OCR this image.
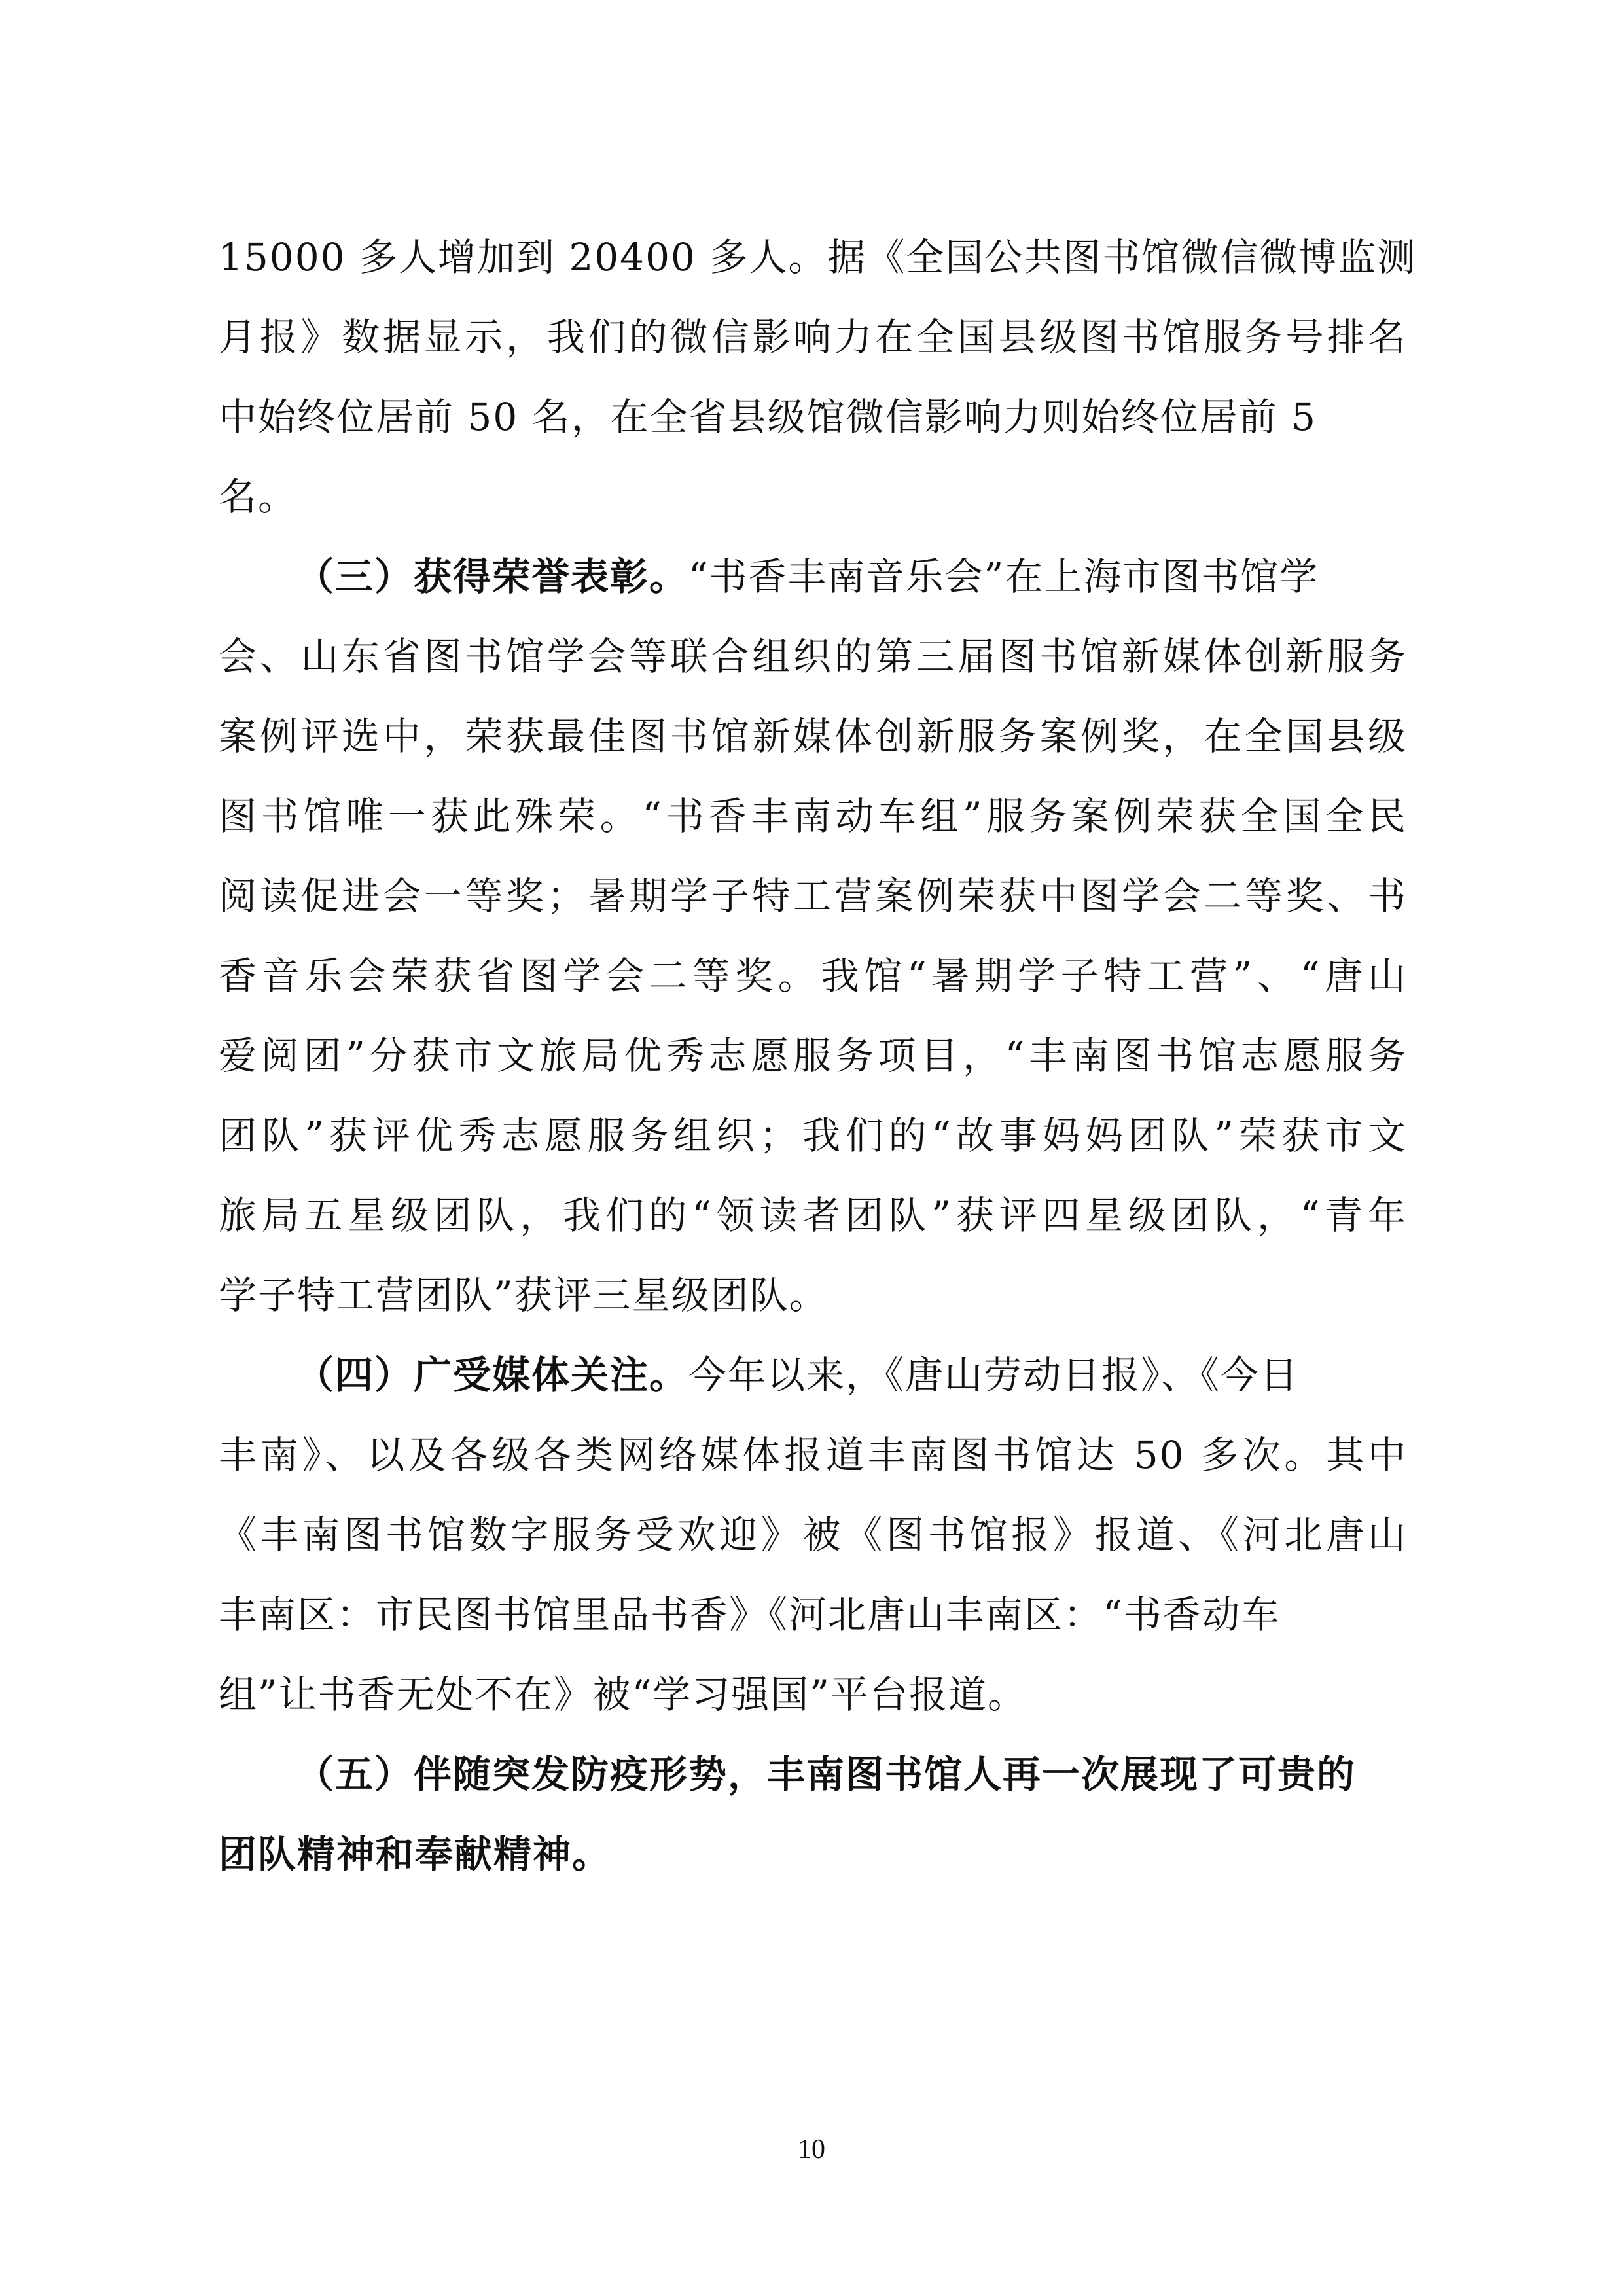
15000 多人增加到 20400 多人。据《全国公共图书馆微信微博监测
月报》数据显示，我们的微信影响力在全国县级图书馆服务号排名
中始终位居前 50 名，在全省县级馆微信影响力则始终位居前 5
名。
（三）获得荣誉表彰。“书香丰南音乐会”在上海市图书馆学
会、山东省图书馆学会等联合组织的第三届图书馆新媒体创新服务
案例评选中，荣获最佳图书馆新媒体创新服务案例奖，在全国县级
图书馆唯一获此殊荣。“书香丰南动车组”服务案例荣获全国全民
阅读促进会一等奖；暑期学子特工营案例荣获中图学会二等奖、书
香音乐会荣获省图学会二等奖。我馆“暑期学子特工营”、“唐山
爱阅团”分获市文旅局优秀志愿服务项目，“丰南图书馆志愿服务
团队”获评优秀志愿服务组织；我们的“故事妈妈团队”荣获市文
旅局五星级团队，我们的“领读者团队”获评四星级团队，“青年
学子特工营团队”获评三星级团队。
（四）广受媒体关注。今年以来，《唐山劳动日报》、《今日
丰南》、以及各级各类网络媒体报道丰南图书馆达 50 多次。其中
《丰南图书馆数字服务受欢迎》被《图书馆报》报道、《河北唐山
丰南区：市民图书馆里品书香》《河北唐山丰南区：“书香动车
组”让书香无处不在》被“学习强国”平台报道。
（五）伴随突发防疫形势，丰南图书馆人再一次展现了可贵的
团队精神和奉献精神。
10
